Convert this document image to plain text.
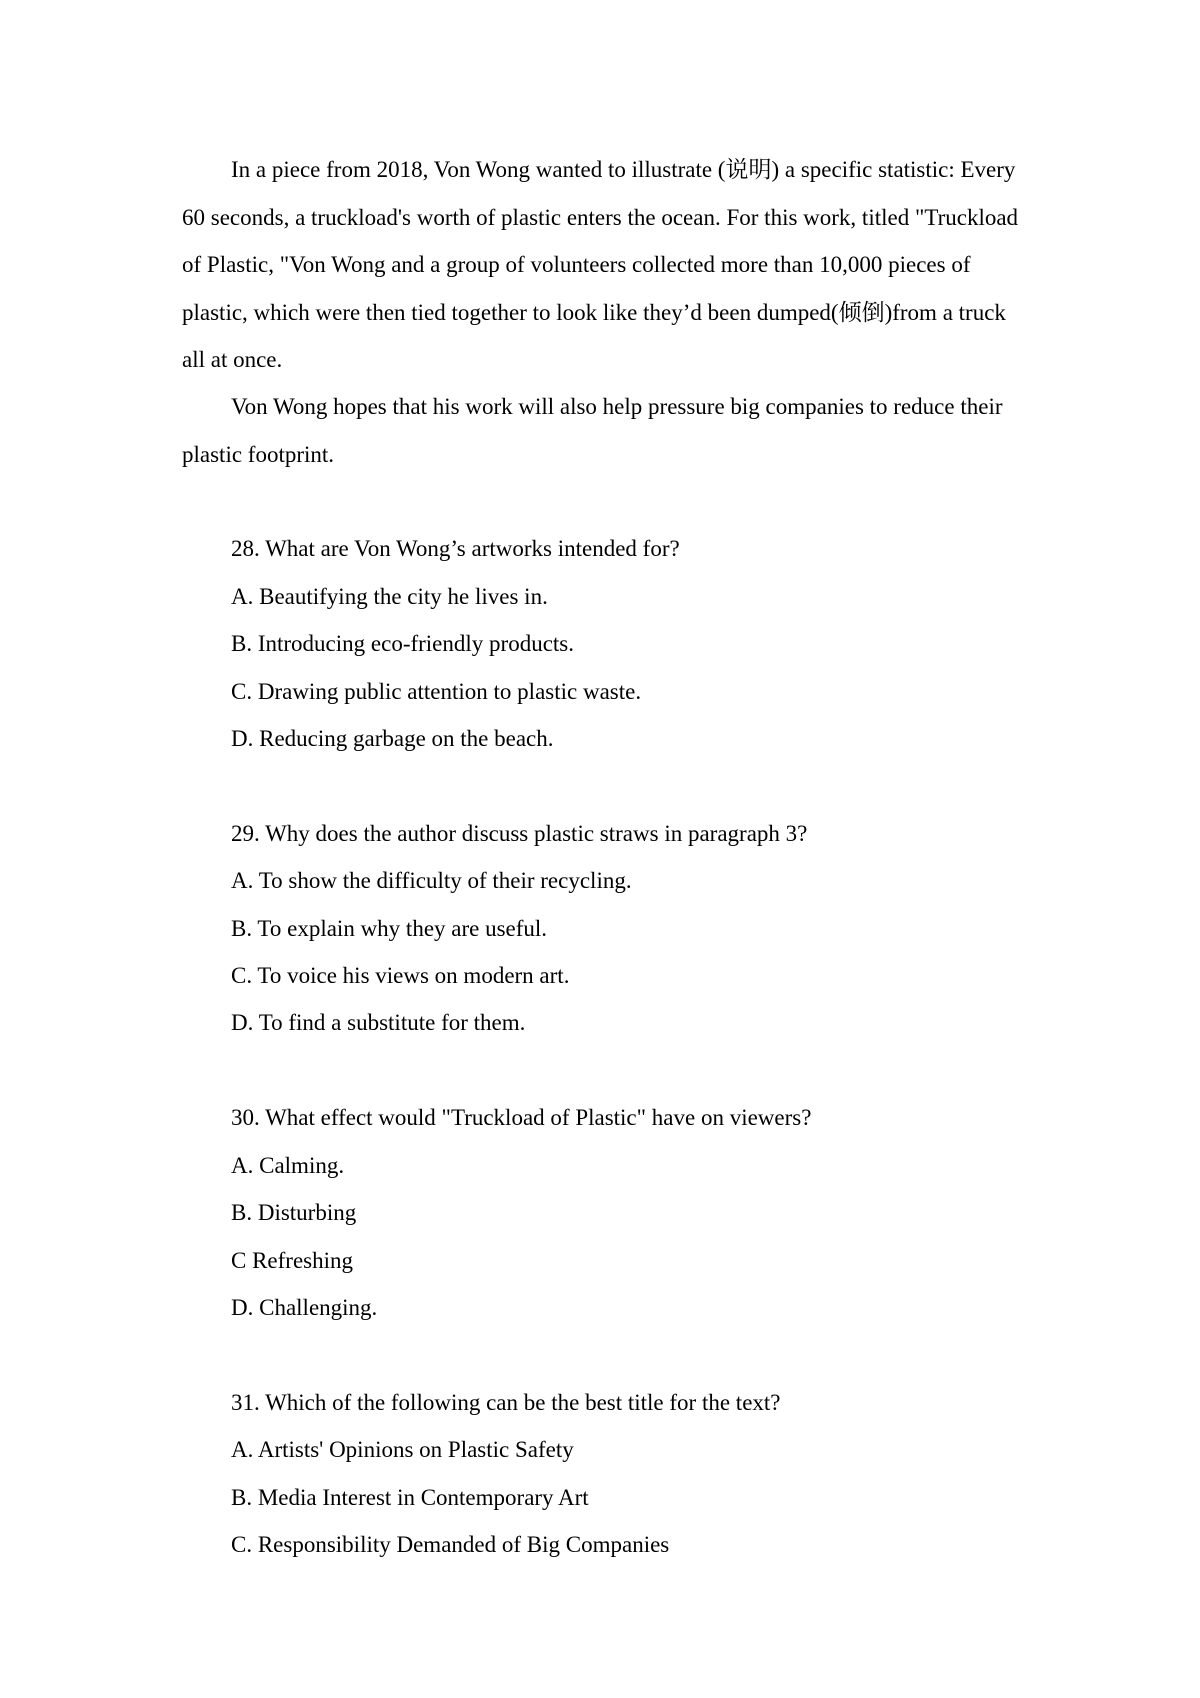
In a piece from 2018, Von Wong wanted to illustrate (说明) a specific statistic: Every 60 seconds, a truckload's worth of plastic enters the ocean. For this work, titled "Truckload of Plastic, "Von Wong and a group of volunteers collected more than 10,000 pieces of plastic, which were then tied together to look like they’d been dumped(倾倒)from a truck all at once.

Von Wong hopes that his work will also help pressure big companies to reduce their plastic footprint.

28. What are Von Wong’s artworks intended for?

A. Beautifying the city he lives in.

B. Introducing eco-friendly products.

C. Drawing public attention to plastic waste.

D. Reducing garbage on the beach.

29. Why does the author discuss plastic straws in paragraph 3?

A. To show the difficulty of their recycling.

B. To explain why they are useful.

C. To voice his views on modern art.

D. To find a substitute for them.

30. What effect would "Truckload of Plastic" have on viewers?

A. Calming.

B. Disturbing

C Refreshing

D. Challenging.

31. Which of the following can be the best title for the text?

A. Artists' Opinions on Plastic Safety

B. Media Interest in Contemporary Art

C. Responsibility Demanded of Big Companies
